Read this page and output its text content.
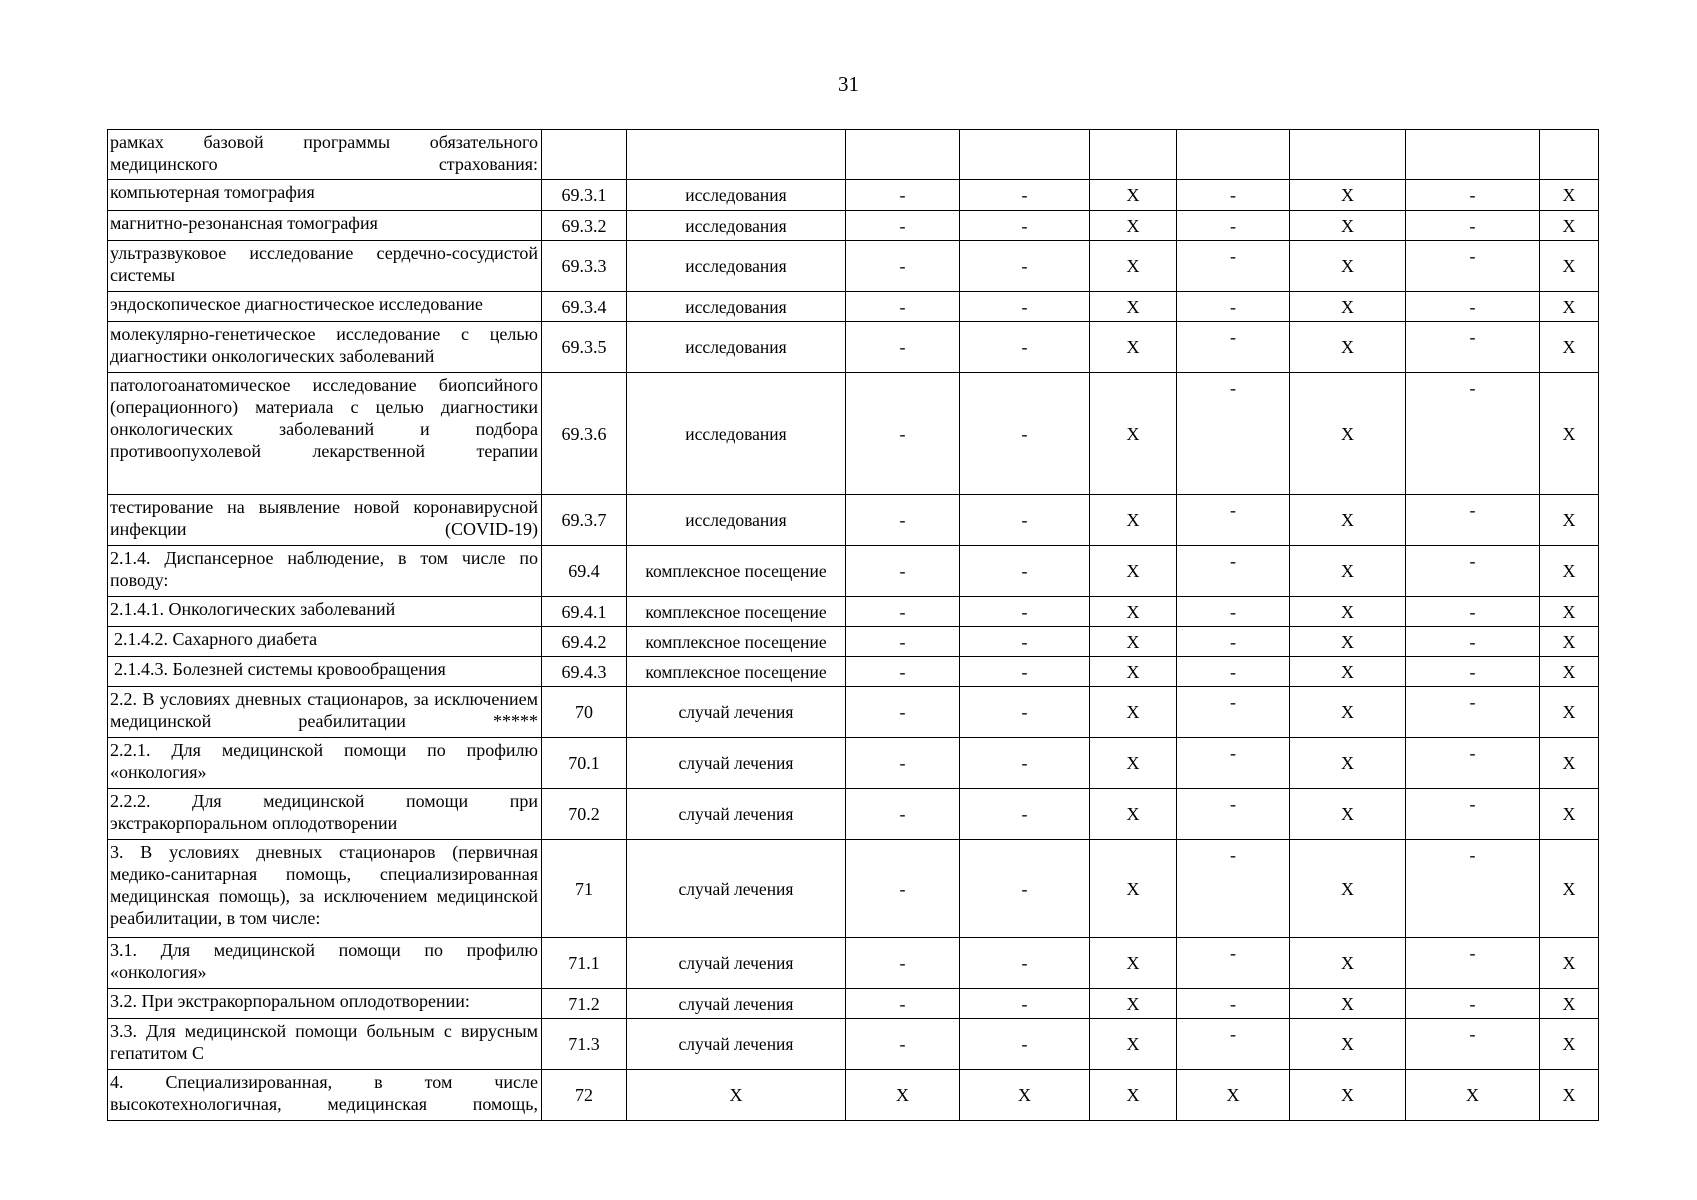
31
рамках базовой программы обязательного медицинского страхования:									
компьютерная томография	69.3.1	исследования	-	-	X	-	X	-	X
магнитно-резонансная томография	69.3.2	исследования	-	-	X	-	X	-	X
ультразвуковое исследование сердечно-сосудистой системы	69.3.3	исследования	-	-	X	-	X	-	X
эндоскопическое диагностическое исследование	69.3.4	исследования	-	-	X	-	X	-	X
молекулярно-генетическое исследование с целью диагностики онкологических заболеваний	69.3.5	исследования	-	-	X	-	X	-	X
патологоанатомическое исследование биопсийного (операционного) материала с целью диагностики онкологических заболеваний и подбора противоопухолевой лекарственной терапии	69.3.6	исследования	-	-	X	-	X	-	X
тестирование на выявление новой коронавирусной инфекции (COVID-19)	69.3.7	исследования	-	-	X	-	X	-	X
2.1.4. Диспансерное наблюдение, в том числе по поводу:	69.4	комплексное посещение	-	-	X	-	X	-	X
2.1.4.1. Онкологических заболеваний	69.4.1	комплексное посещение	-	-	X	-	X	-	X
2.1.4.2. Сахарного диабета	69.4.2	комплексное посещение	-	-	X	-	X	-	X
2.1.4.3. Болезней системы кровообращения	69.4.3	комплексное посещение	-	-	X	-	X	-	X
2.2. В условиях дневных стационаров, за исключением медицинской реабилитации *****	70	случай лечения	-	-	X	-	X	-	X
2.2.1. Для медицинской помощи по профилю «онкология»	70.1	случай лечения	-	-	X	-	X	-	X
2.2.2. Для медицинской помощи при экстракорпоральном оплодотворении	70.2	случай лечения	-	-	X	-	X	-	X
3. В условиях дневных стационаров (первичная медико-санитарная помощь, специализированная медицинская помощь), за исключением медицинской реабилитации, в том числе:	71	случай лечения	-	-	X	-	X	-	X
3.1. Для медицинской помощи по профилю «онкология»	71.1	случай лечения	-	-	X	-	X	-	X
3.2. При экстракорпоральном оплодотворении:	71.2	случай лечения	-	-	X	-	X	-	X
3.3. Для медицинской помощи больным с вирусным гепатитом С	71.3	случай лечения	-	-	X	-	X	-	X
4. Специализированная, в том числе высокотехнологичная, медицинская помощь,	72	X	X	X	X	X	X	X	X
